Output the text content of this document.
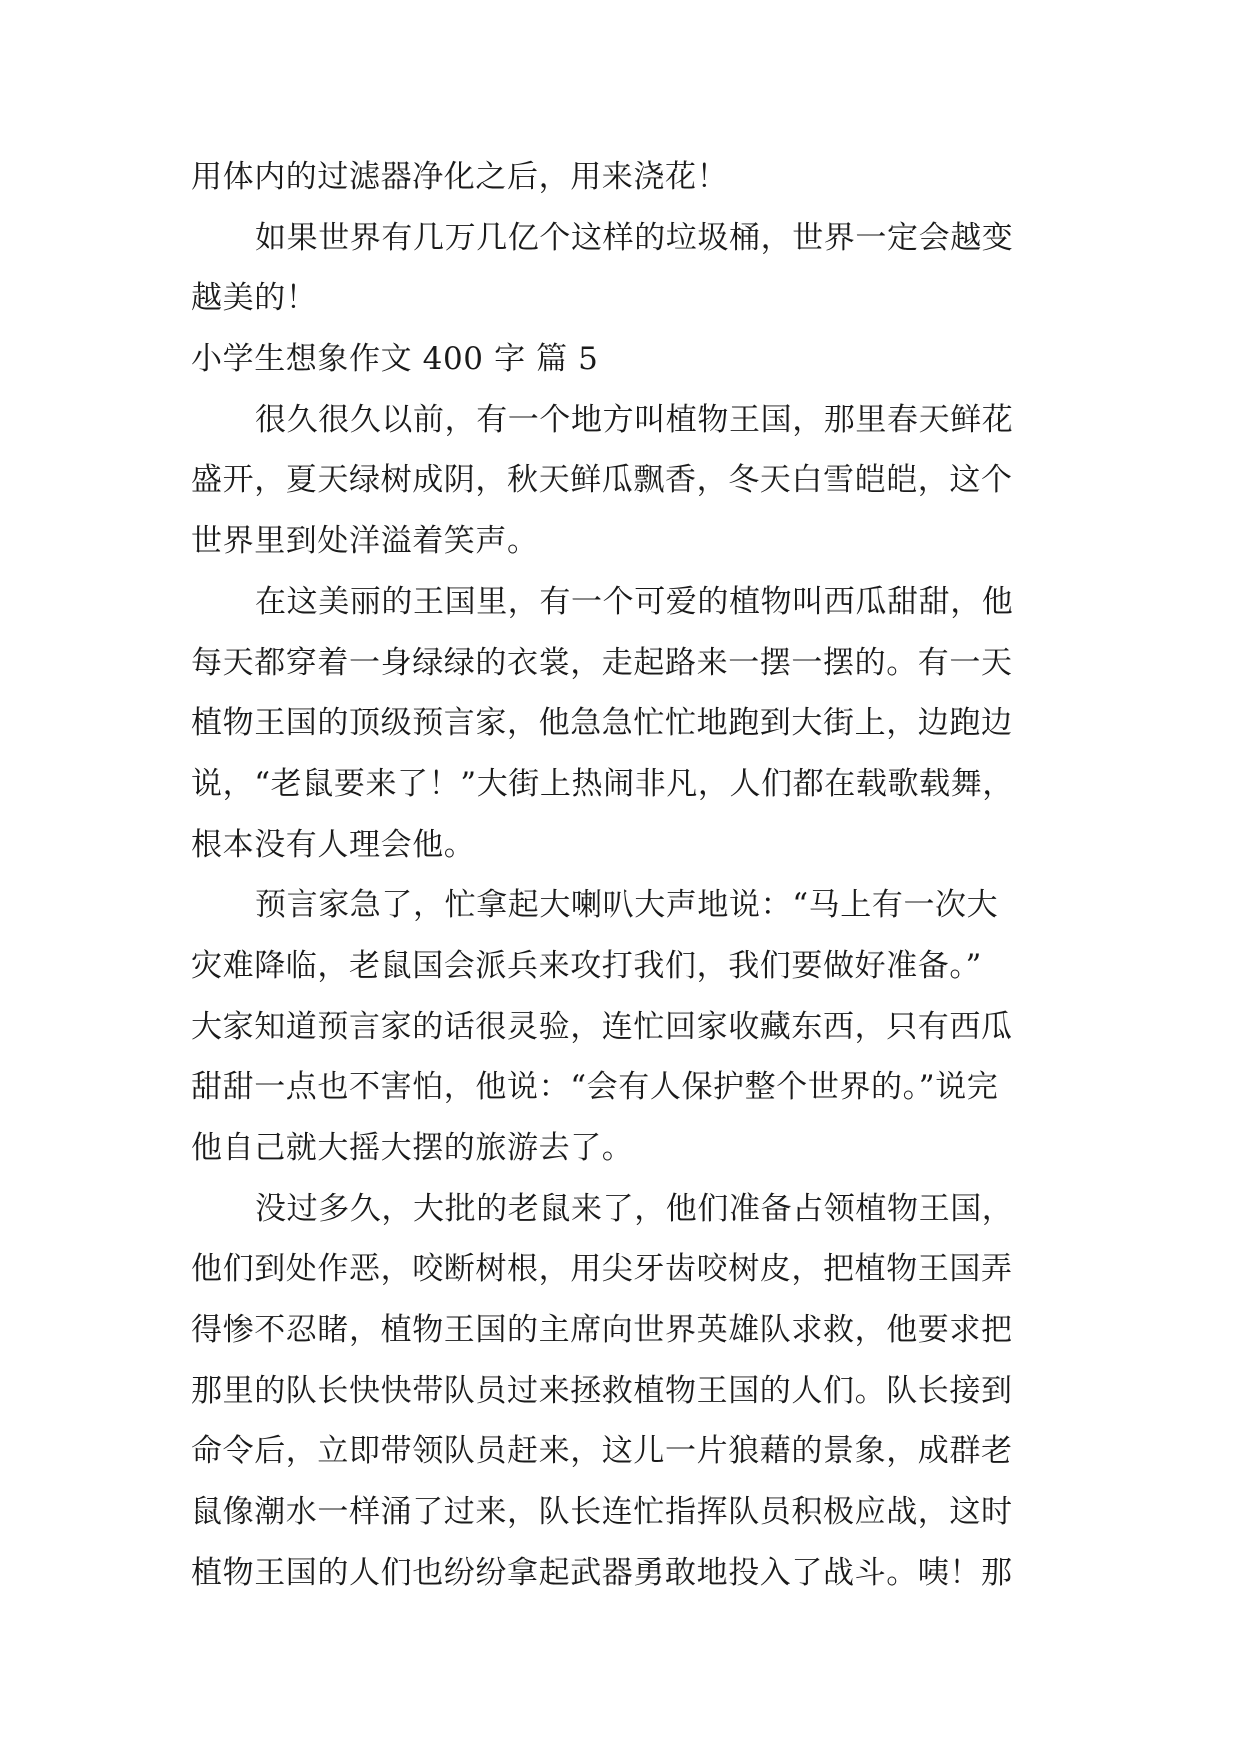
用体内的过滤器净化之后，用来浇花！
如果世界有几万几亿个这样的垃圾桶，世界一定会越变
越美的！
小学生想象作文 400 字 篇 5
很久很久以前，有一个地方叫植物王国，那里春天鲜花
盛开，夏天绿树成阴，秋天鲜瓜飘香，冬天白雪皑皑，这个
世界里到处洋溢着笑声。
在这美丽的王国里，有一个可爱的植物叫西瓜甜甜，他
每天都穿着一身绿绿的衣裳，走起路来一摆一摆的。有一天
植物王国的顶级预言家，他急急忙忙地跑到大街上，边跑边
说，“老鼠要来了！”大街上热闹非凡，人们都在载歌载舞，
根本没有人理会他。
预言家急了，忙拿起大喇叭大声地说：“马上有一次大
灾难降临，老鼠国会派兵来攻打我们，我们要做好准备。”
大家知道预言家的话很灵验，连忙回家收藏东西，只有西瓜
甜甜一点也不害怕，他说：“会有人保护整个世界的。”说完
他自己就大摇大摆的旅游去了。
没过多久，大批的老鼠来了，他们准备占领植物王国，
他们到处作恶，咬断树根，用尖牙齿咬树皮，把植物王国弄
得惨不忍睹，植物王国的主席向世界英雄队求救，他要求把
那里的队长快快带队员过来拯救植物王国的人们。队长接到
命令后，立即带领队员赶来，这儿一片狼藉的景象，成群老
鼠像潮水一样涌了过来，队长连忙指挥队员积极应战，这时
植物王国的人们也纷纷拿起武器勇敢地投入了战斗。咦！那
